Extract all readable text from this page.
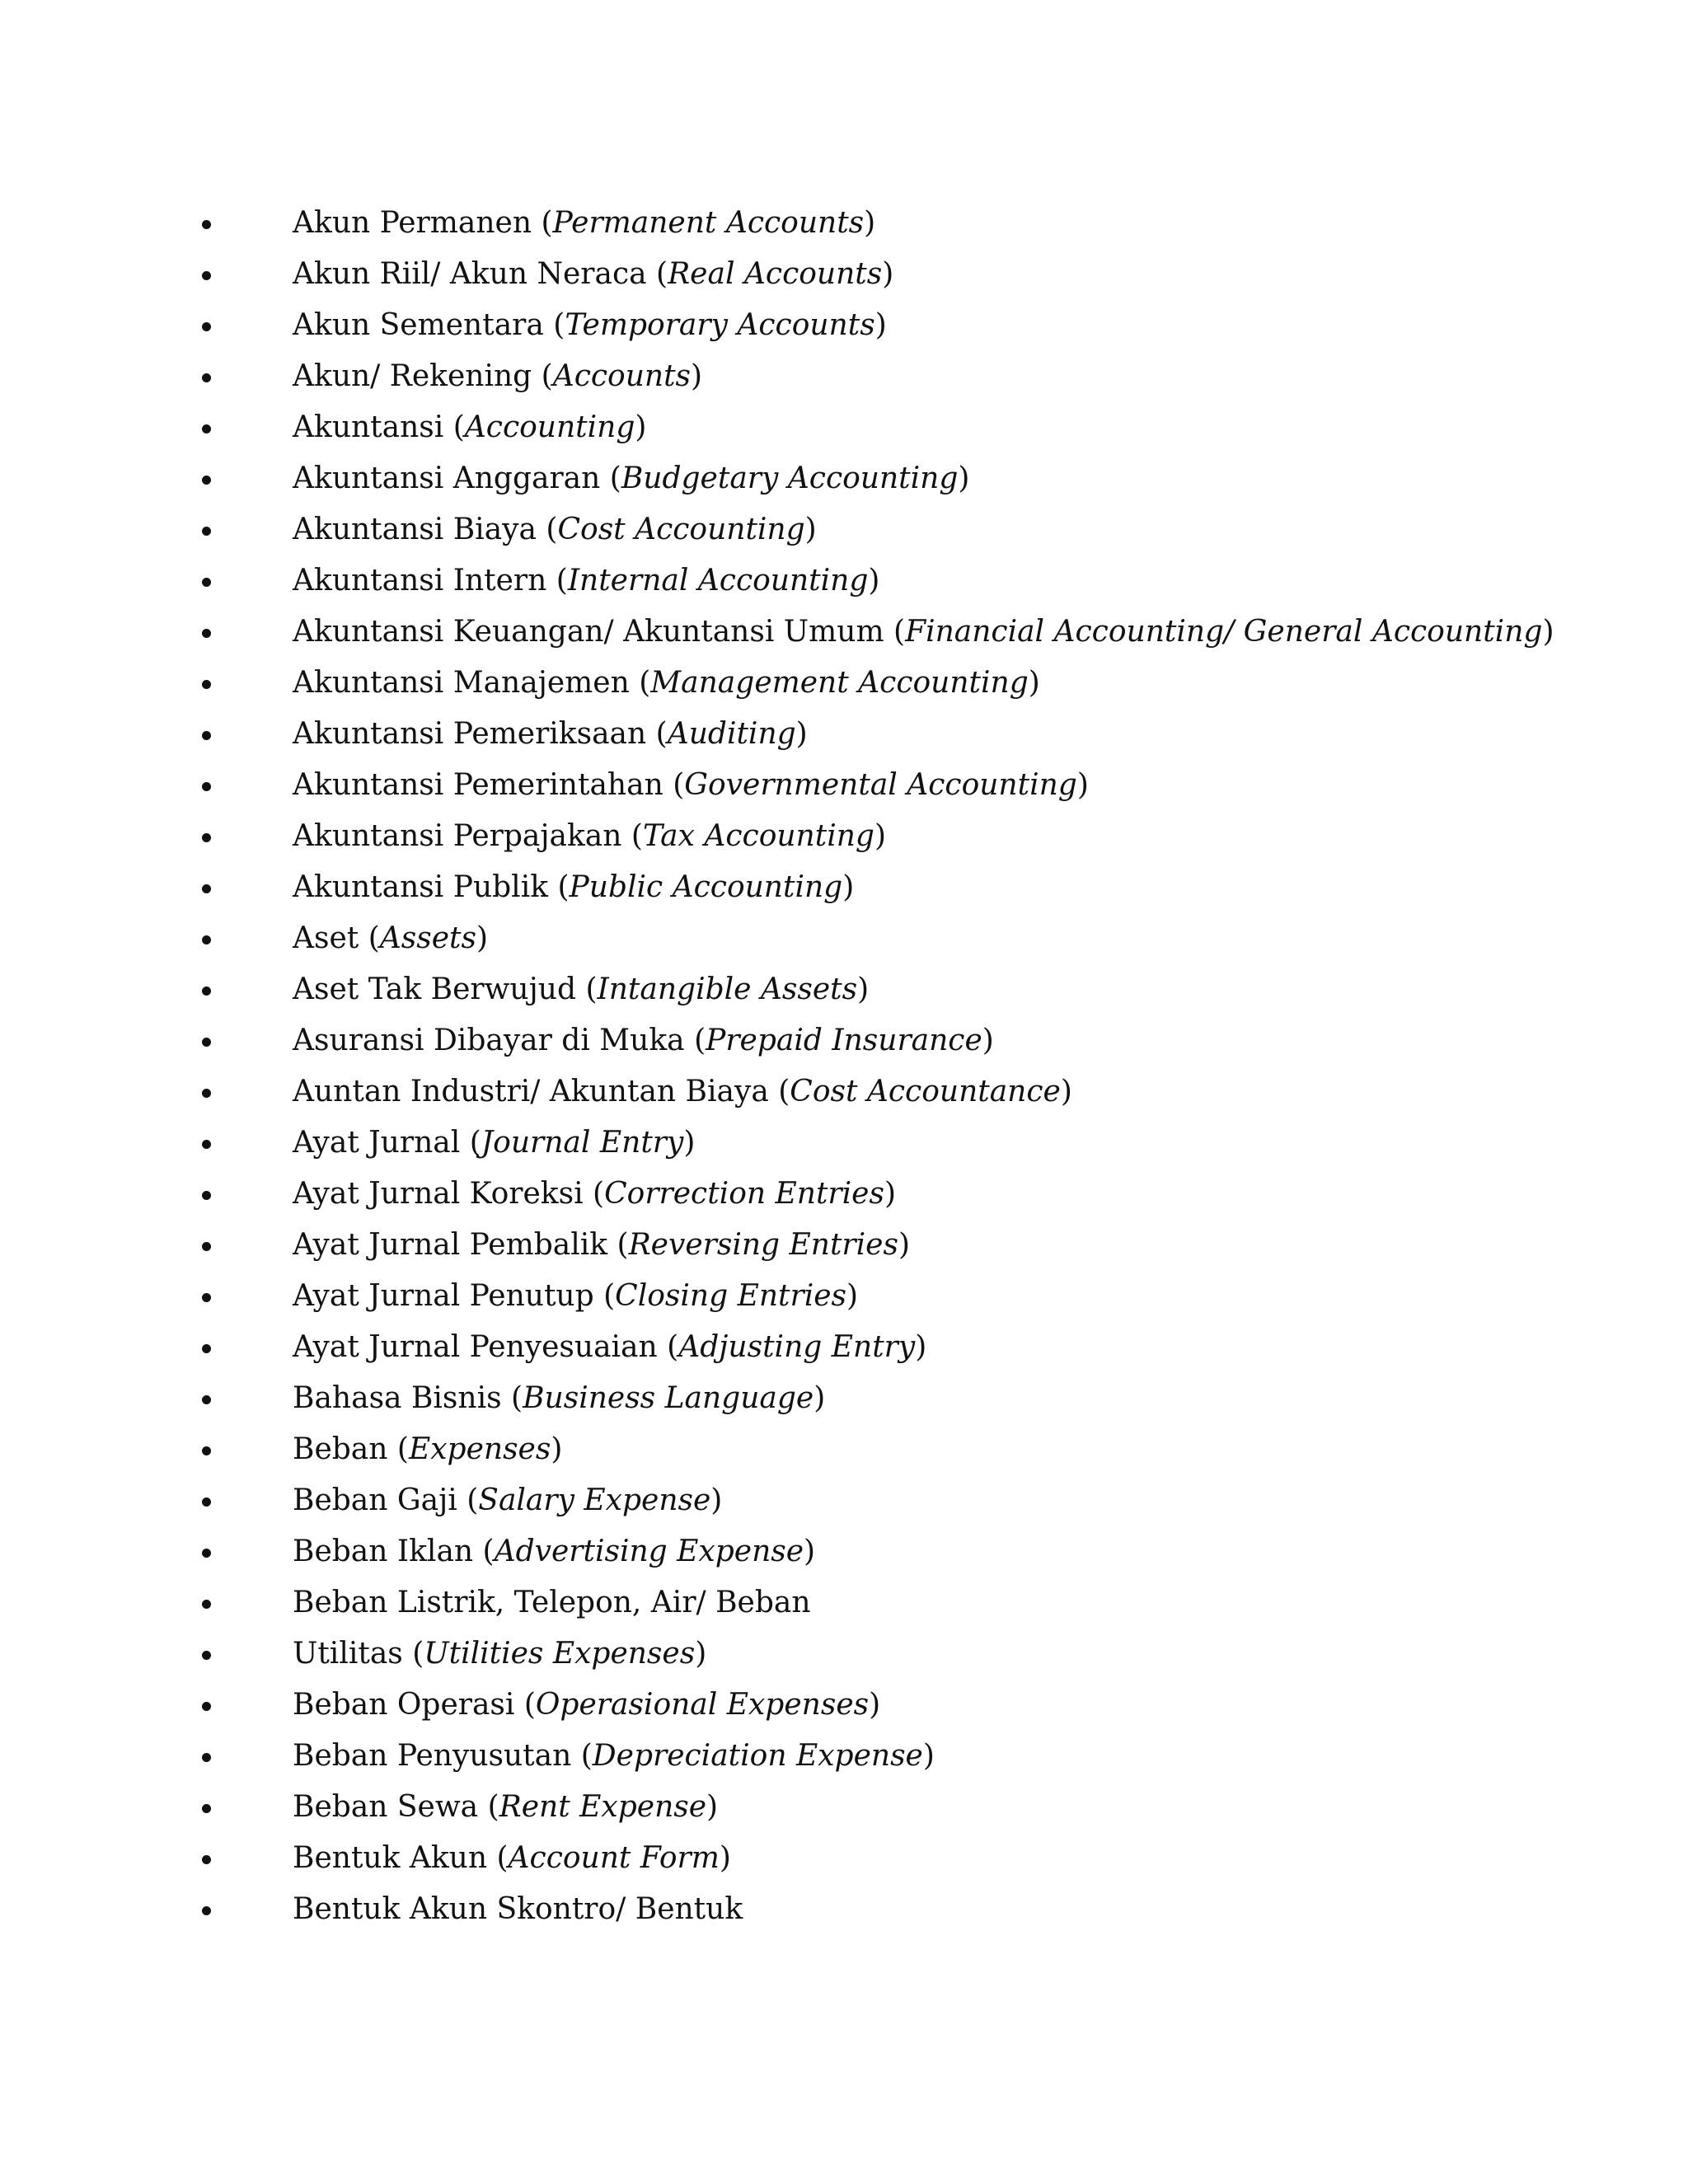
Akun Permanen (Permanent Accounts)
Akun Riil/ Akun Neraca (Real Accounts)
Akun Sementara (Temporary Accounts)
Akun/ Rekening (Accounts)
Akuntansi (Accounting)
Akuntansi Anggaran (Budgetary Accounting)
Akuntansi Biaya (Cost Accounting)
Akuntansi Intern (Internal Accounting)
Akuntansi Keuangan/ Akuntansi Umum (Financial Accounting/ General Accounting)
Akuntansi Manajemen (Management Accounting)
Akuntansi Pemeriksaan (Auditing)
Akuntansi Pemerintahan (Governmental Accounting)
Akuntansi Perpajakan (Tax Accounting)
Akuntansi Publik (Public Accounting)
Aset (Assets)
Aset Tak Berwujud (Intangible Assets)
Asuransi Dibayar di Muka (Prepaid Insurance)
Auntan Industri/ Akuntan Biaya (Cost Accountance)
Ayat Jurnal (Journal Entry)
Ayat Jurnal Koreksi (Correction Entries)
Ayat Jurnal Pembalik (Reversing Entries)
Ayat Jurnal Penutup (Closing Entries)
Ayat Jurnal Penyesuaian (Adjusting Entry)
Bahasa Bisnis (Business Language)
Beban (Expenses)
Beban Gaji (Salary Expense)
Beban Iklan (Advertising Expense)
Beban Listrik, Telepon, Air/ Beban
Utilitas (Utilities Expenses)
Beban Operasi (Operasional Expenses)
Beban Penyusutan (Depreciation Expense)
Beban Sewa (Rent Expense)
Bentuk Akun (Account Form)
Bentuk Akun Skontro/ Bentuk
